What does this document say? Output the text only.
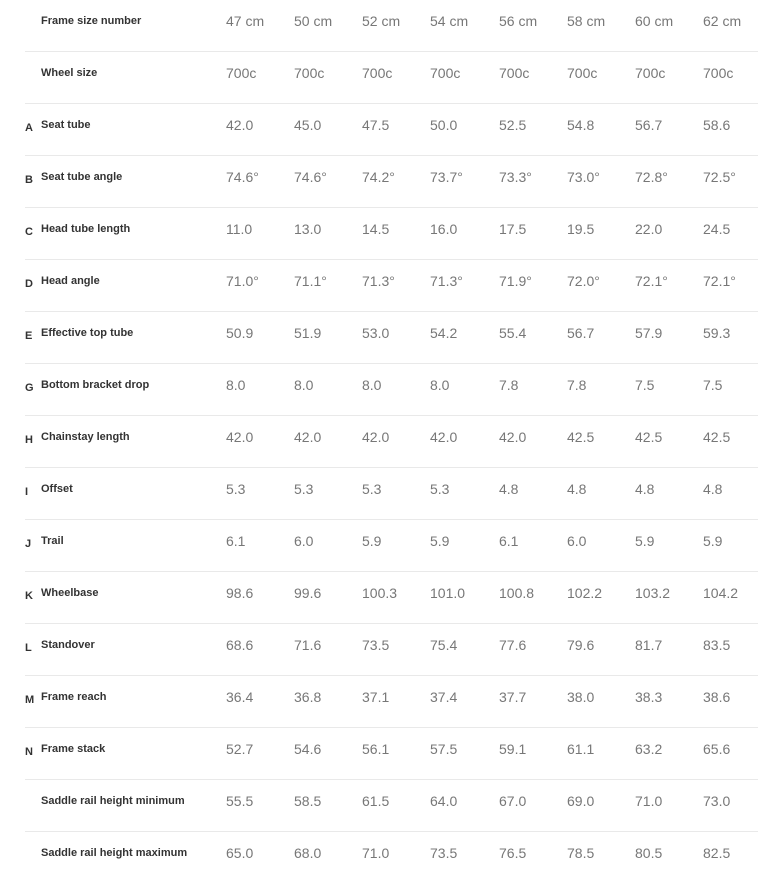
Frame size number	47 cm 50 cm 52 cm 54 cm 56 cm 58 cm 60 cm 62 cm
Wheel size	700c	700c	700c	700c	700c	700c	700c	700c
A Seat tube	42.0	45.0	47.5	50.0	52.5	54.8	56.7	58.6
B Seat tube angle	74.6°	74.6°	74.2°	73.7°	73.3°	73.0°	72.8°	72.5°
C Head tube length	11.0	13.0	14.5	16.0	17.5	19.5	22.0	24.5
D Head angle	71.0°	71.1°	71.3°	71.3°	71.9°	72.0°	72.1°	72.1°
E Effective top tube	50.9	51.9	53.0	54.2	55.4	56.7	57.9	59.3
G Bottom bracket drop	8.0	8.0	8.0	8.0	7.8	7.8	7.5	7.5
H Chainstay length	42.0	42.0	42.0	42.0	42.0	42.5	42.5	42.5
I Offset	5.3	5.3	5.3	5.3	4.8	4.8	4.8	4.8
J Trail	6.1	6.0	5.9	5.9	6.1	6.0	5.9	5.9
K Wheelbase	98.6	99.6	100.3 101.0 100.8 102.2 103.2 104.2
L Standover	68.6	71.6	73.5	75.4	77.6	79.6	81.7	83.5
M Frame reach	36.4	36.8	37.1	37.4	37.7	38.0	38.3	38.6
N Frame stack	52.7	54.6	56.1	57.5	59.1	61.1	63.2	65.6
Saddle rail height minimum	55.5	58.5	61.5	64.0	67.0	69.0	71.0	73.0
Saddle rail height maximum	65.0	68.0	71.0	73.5	76.5	78.5	80.5	82.5
